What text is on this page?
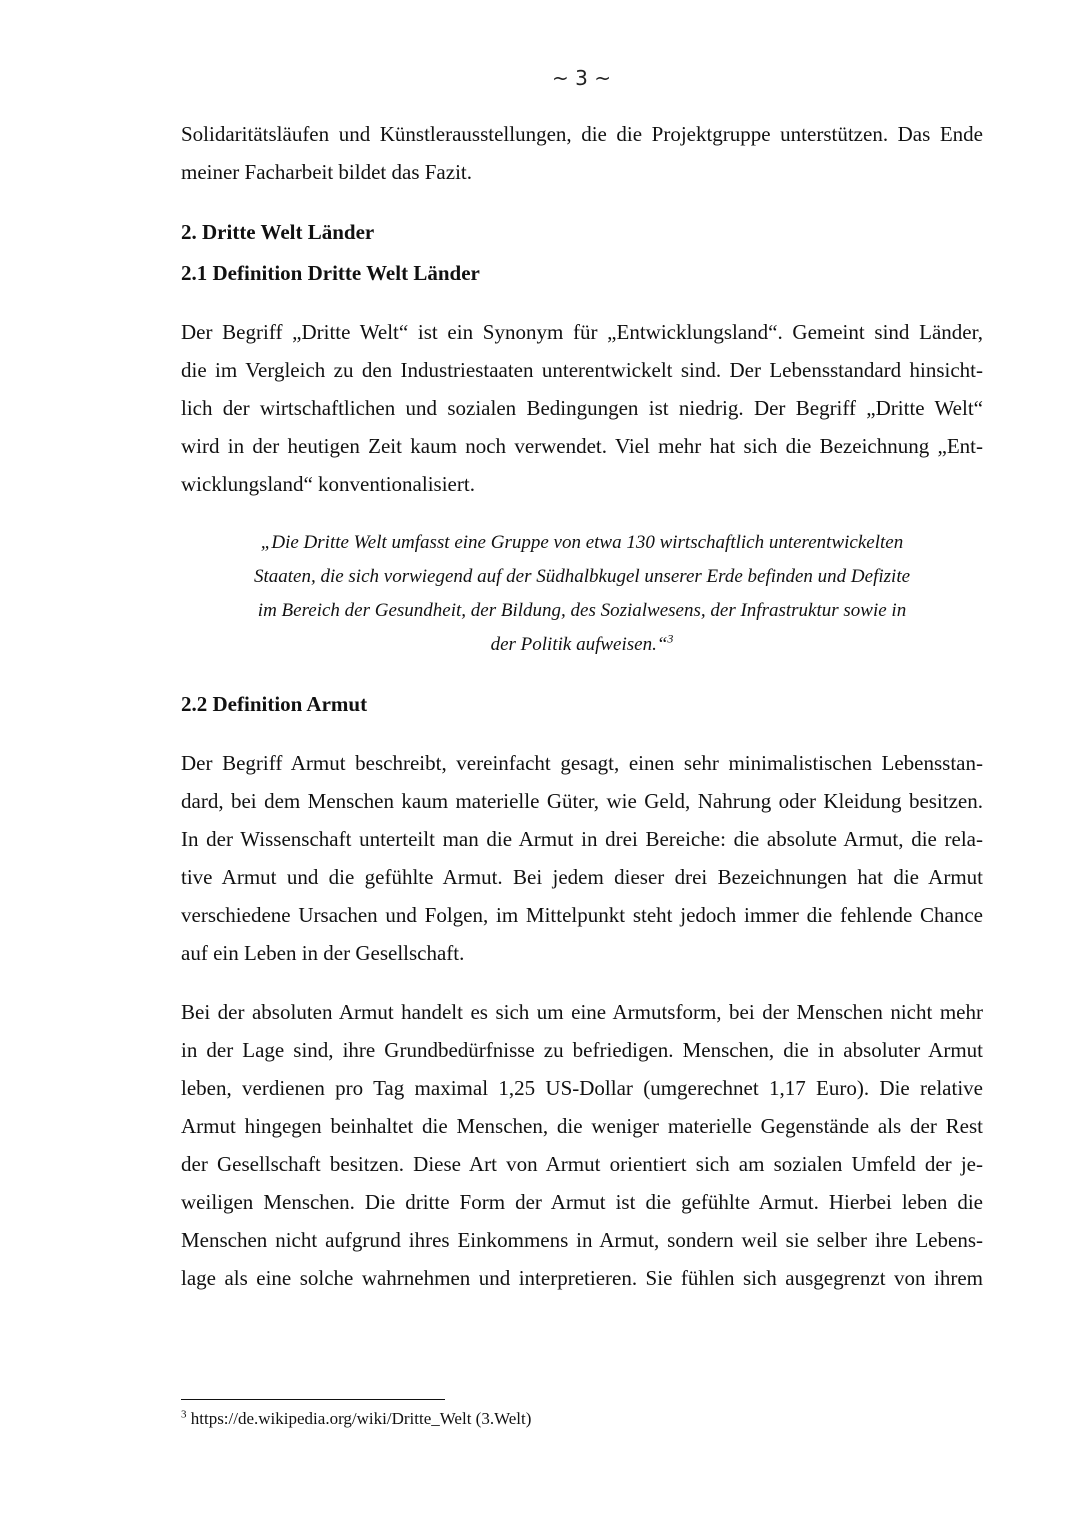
~ 3 ~
Solidaritätsläufen und Künstlerausstellungen, die die Projektgruppe unterstützen. Das Ende
meiner Facharbeit bildet das Fazit.
2. Dritte Welt Länder
2.1 Definition Dritte Welt Länder
Der Begriff „Dritte Welt“ ist ein Synonym für „Entwicklungsland“. Gemeint sind Länder,
die im Vergleich zu den Industriestaaten unterentwickelt sind. Der Lebensstandard hinsicht-
lich der wirtschaftlichen und sozialen Bedingungen ist niedrig. Der Begriff „Dritte Welt“
wird in der heutigen Zeit kaum noch verwendet. Viel mehr hat sich die Bezeichnung „Ent-
wicklungsland“ konventionalisiert.
„Die Dritte Welt umfasst eine Gruppe von etwa 130 wirtschaftlich unterentwickelten
Staaten, die sich vorwiegend auf der Südhalbkugel unserer Erde befinden und Defizite
im Bereich der Gesundheit, der Bildung, des Sozialwesens, der Infrastruktur sowie in
der Politik aufweisen.“$^3$
2.2 Definition Armut
Der Begriff Armut beschreibt, vereinfacht gesagt, einen sehr minimalistischen Lebensstan-
dard, bei dem Menschen kaum materielle Güter, wie Geld, Nahrung oder Kleidung besitzen.
In der Wissenschaft unterteilt man die Armut in drei Bereiche: die absolute Armut, die rela-
tive Armut und die gefühlte Armut. Bei jedem dieser drei Bezeichnungen hat die Armut
verschiedene Ursachen und Folgen, im Mittelpunkt steht jedoch immer die fehlende Chance
auf ein Leben in der Gesellschaft.
Bei der absoluten Armut handelt es sich um eine Armutsform, bei der Menschen nicht mehr
in der Lage sind, ihre Grundbedürfnisse zu befriedigen. Menschen, die in absoluter Armut
leben, verdienen pro Tag maximal 1,25 US-Dollar (umgerechnet 1,17 Euro). Die relative
Armut hingegen beinhaltet die Menschen, die weniger materielle Gegenstände als der Rest
der Gesellschaft besitzen. Diese Art von Armut orientiert sich am sozialen Umfeld der je-
weiligen Menschen. Die dritte Form der Armut ist die gefühlte Armut. Hierbei leben die
Menschen nicht aufgrund ihres Einkommens in Armut, sondern weil sie selber ihre Lebens-
lage als eine solche wahrnehmen und interpretieren. Sie fühlen sich ausgegrenzt von ihrem
$^3$ https://de.wikipedia.org/wiki/Dritte_Welt (3.Welt)
